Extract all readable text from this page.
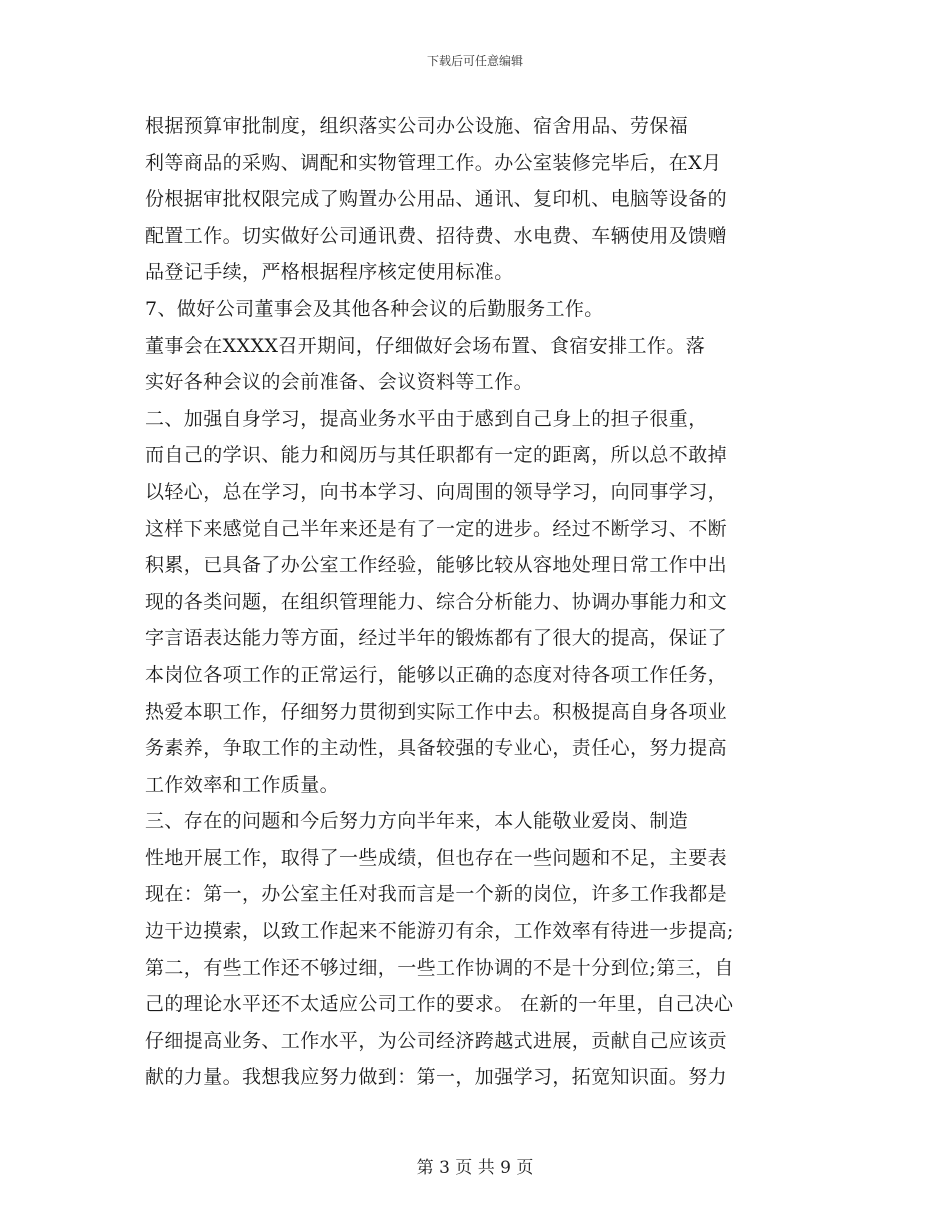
下载后可任意编辑
根据预算审批制度，组织落实公司办公设施、宿舍用品、劳保福
利等商品的采购、调配和实物管理工作。办公室装修完毕后，在X月
份根据审批权限完成了购置办公用品、通讯、复印机、电脑等设备的
配置工作。切实做好公司通讯费、招待费、水电费、车辆使用及馈赠
品登记手续，严格根据程序核定使用标准。
7、做好公司董事会及其他各种会议的后勤服务工作。
董事会在XXXX召开期间，仔细做好会场布置、食宿安排工作。落
实好各种会议的会前准备、会议资料等工作。
二、加强自身学习，提高业务水平由于感到自己身上的担子很重，
而自己的学识、能力和阅历与其任职都有一定的距离，所以总不敢掉
以轻心，总在学习，向书本学习、向周围的领导学习，向同事学习，
这样下来感觉自己半年来还是有了一定的进步。经过不断学习、不断
积累，已具备了办公室工作经验，能够比较从容地处理日常工作中出
现的各类问题，在组织管理能力、综合分析能力、协调办事能力和文
字言语表达能力等方面，经过半年的锻炼都有了很大的提高，保证了
本岗位各项工作的正常运行，能够以正确的态度对待各项工作任务，
热爱本职工作，仔细努力贯彻到实际工作中去。积极提高自身各项业
务素养，争取工作的主动性，具备较强的专业心，责任心，努力提高
工作效率和工作质量。
三、存在的问题和今后努力方向半年来，本人能敬业爱岗、制造
性地开展工作，取得了一些成绩，但也存在一些问题和不足，主要表
现在：第一，办公室主任对我而言是一个新的岗位，许多工作我都是
边干边摸索，以致工作起来不能游刃有余，工作效率有待进一步提高;
第二，有些工作还不够过细，一些工作协调的不是十分到位;第三，自
己的理论水平还不太适应公司工作的要求。 在新的一年里，自己决心
仔细提高业务、工作水平，为公司经济跨越式进展，贡献自己应该贡
献的力量。我想我应努力做到：第一，加强学习，拓宽知识面。努力
第 3 页 共 9 页
